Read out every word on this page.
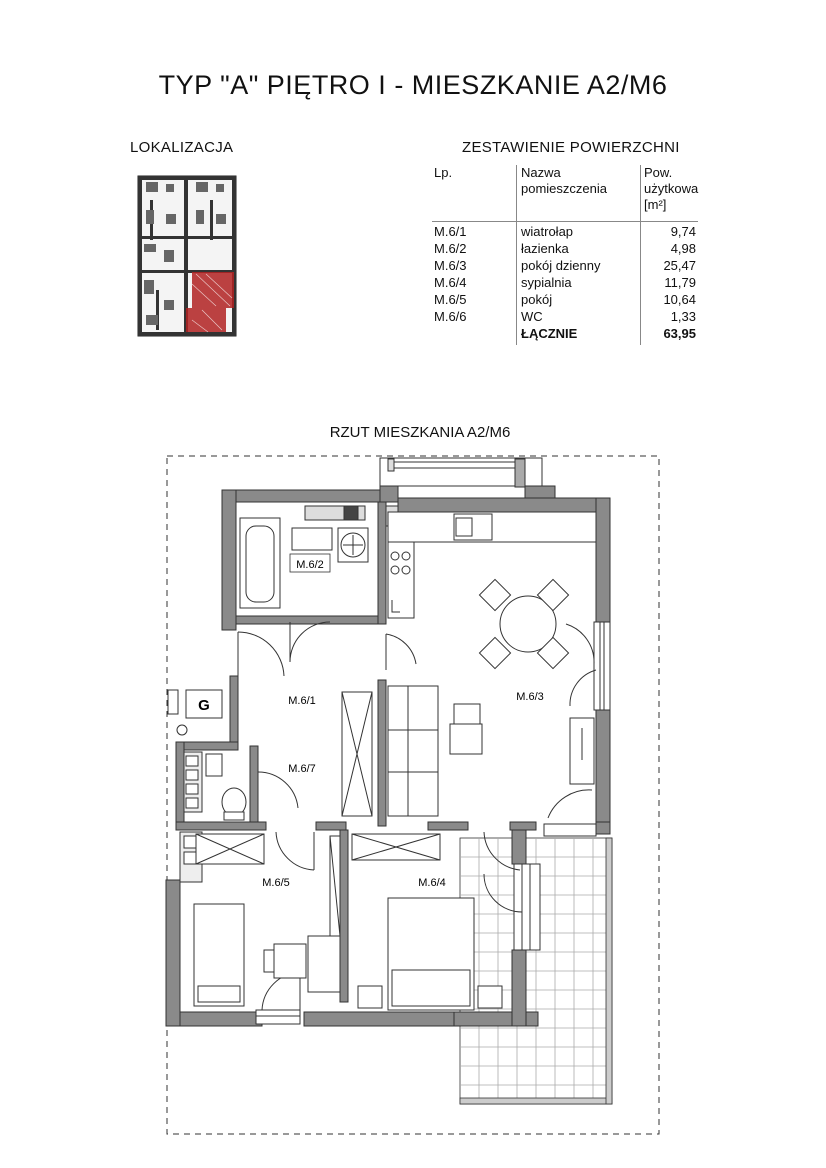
TYP "A" PIĘTRO I - MIESZKANIE A2/M6
LOKALIZACJA	ZESTAWIENIE POWIERZCHNI
Lp.	Nazwa
pomieszczenia
Pow.
użytkowa
[m²]
M.6/1	wiatrołap	9,74
M.6/2	łazienka	4,98
M.6/3	pokój dzienny	25,47
M.6/4	sypialnia	11,79
M.6/5	pokój	10,64
M.6/6	WC	1,33
ŁĄCZNIE	63,95
RZUT MIESZKANIA A2/M6
G
M.6/2
M.6/3
M.6/1
M.6/7
M.6/5	M.6/4
